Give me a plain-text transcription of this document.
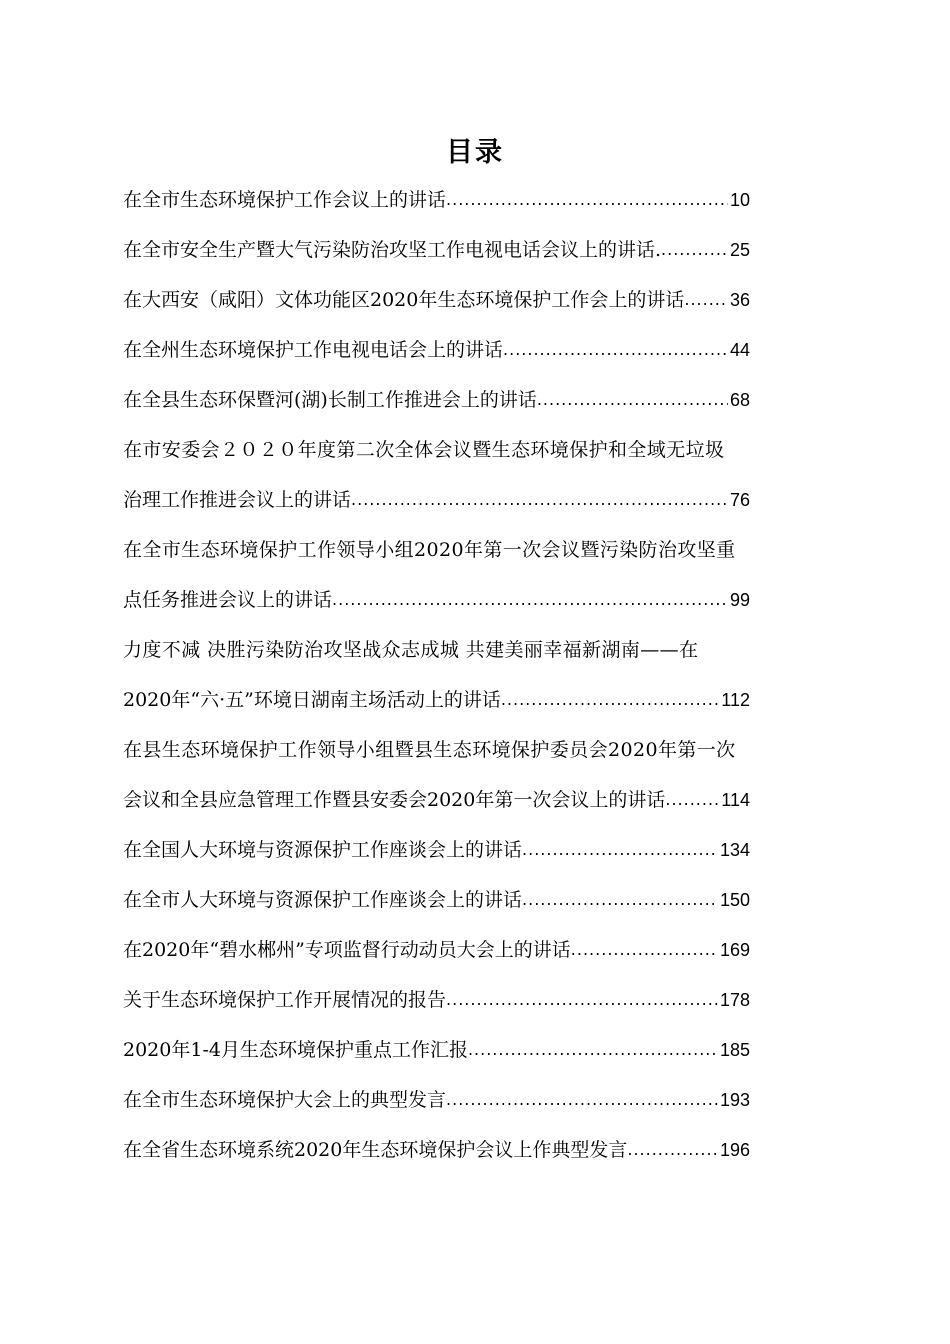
目录
在全市生态环境保护工作会议上的讲话 .....	10
在全市安全生产暨大气污染防治攻坚工作电视电话会议上的讲话. .....	25
在大西安（咸阳）文体功能区2020年生态环境保护工作会上的讲话 .....	36
在全州生态环境保护工作电视电话会上的讲话 .....	44
在全县生态环保暨河(湖)长制工作推进会上的讲话 .....	68
在市安委会２０２０年度第二次全体会议暨生态环境保护和全域无垃圾
治理工作推进会议上的讲话 .....	76
在全市生态环境保护工作领导小组2020年第一次会议暨污染防治攻坚重
点任务推进会议上的讲话 .....	99
力度不减 决胜污染防治攻坚战众志成城 共建美丽幸福新湖南——在
2020年“六·五”环境日湖南主场活动上的讲话 .....	112
在县生态环境保护工作领导小组暨县生态环境保护委员会2020年第一次
会议和全县应急管理工作暨县安委会2020年第一次会议上的讲话 .....	114
在全国人大环境与资源保护工作座谈会上的讲话 .....	134
在全市人大环境与资源保护工作座谈会上的讲话 .....	150
在2020年“碧水郴州”专项监督行动动员大会上的讲话 .....	169
关于生态环境保护工作开展情况的报告 .....	178
2020年1-4月生态环境保护重点工作汇报 .....	185
在全市生态环境保护大会上的典型发言 .....	193
在全省生态环境系统2020年生态环境保护会议上作典型发言 .....	196
